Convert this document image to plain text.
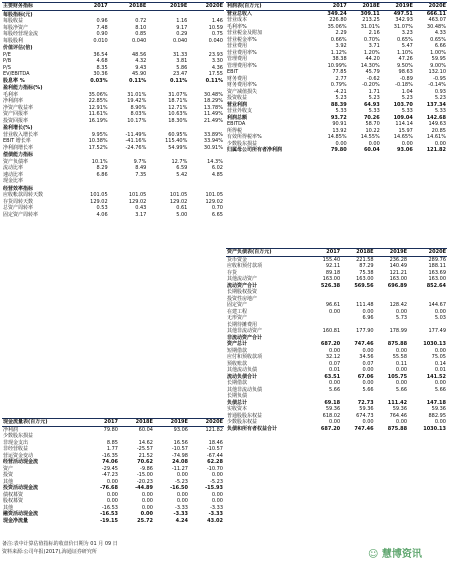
主要财务指标	2017	2018E	2019E	2020E
每股指标(元)				
每股收益	0.96	0.72	1.16	1.46
每股净资产	7.48	8.10	9.17	10.59
每股经营现金流	0.90	0.85	0.29	0.75
每股股利	0.010	0.040	0.040	0.040
价值评估(倍)				
P/E	36.54	48.56	31.33	23.93
P/B	4.68	4.32	3.81	3.30
P/S	8.35	9.43	5.86	4.36
EV/EBITDA	30.36	45.90	23.47	17.55
股息率 %	0.03%	0.11%	0.11%	0.11%
盈利能力指标(%)				
毛利率	35.06%	31.01%	31.07%	30.48%
净利润率	22.85%	19.42%	18.71%	18.29%
净资产收益率	12.91%	8.90%	12.71%	13.78%
资产回报率	11.61%	8.03%	10.63%	11.49%
投资回报率	16.19%	10.17%	18.30%	21.49%
盈利增长(%)				
营业收入增长率	9.95%	-11.49%	60.95%	33.89%
EBIT 增长率	10.38%	-41.16%	115.40%	33.94%
净利润增长率	17.52%	-24.76%	54.99%	30.91%
偿债能力指标				
资产负债率	10.1%	9.7%	12.7%	14.3%
流动比率	8.29	8.49	6.59	6.02
速动比率	6.86	7.35	5.42	4.85
现金比率				
经营效率指标				
应收帐款周转天数	101.05	101.05	101.05	101.05
存货周转天数	129.02	129.02	129.02	129.02
总资产周转率	0.53	0.43	0.61	0.70
固定资产周转率	4.06	3.17	5.00	6.65
利润表(百万元)	2017	2018E	2019E	2020E
营业总收入	349.24	309.11	497.51	666.11
营业成本	226.80	213.25	342.93	463.07
毛利率%	35.06%	31.01%	31.07%	30.48%
营业税金及附加	2.29	2.16	3.23	4.33
营业税金率%	0.66%	0.70%	0.65%	0.65%
营业费用	3.92	3.71	5.47	6.66
营业费用率%	1.12%	1.20%	1.10%	1.00%
管理费用	38.38	44.20	47.26	59.95
管理费用率%	10.99%	14.30%	9.50%	9.00%
EBIT	77.85	45.79	98.63	132.10
财务费用	2.77	-0.62	-0.89	-0.95
财务费用率%	0.79%	-0.20%	-0.18%	-0.14%
资产减值损失	-4.21	1.71	1.04	0.93
投资收益	5.23	5.23	5.23	5.23
营业利润	88.39	64.93	103.70	137.34
营业外收支	5.33	5.33	5.33	5.33
利润总额	93.72	70.26	109.04	142.68
EBITDA	90.91	58.70	114.14	149.63
所得税	13.92	10.22	15.97	20.85
有效所得税率%	14.85%	14.55%	14.65%	14.61%
少数股东损益	0.00	0.00	0.00	0.00
归属母公司所有者净利润	79.80	60.04	93.06	121.82
资产负债表(百万元)	2017	2018E	2019E	2020E
货币资金	155.40	221.58	236.28	289.76
应收和预付款项	92.11	87.29	140.49	188.11
存货	89.18	75.38	121.21	163.69
其他流动资产	163.00	163.00	163.00	163.00
流动资产合计	526.38	569.56	696.89	852.64
长期股权投资				
投资性房地产				
固定资产	96.61	111.48	128.42	144.67
在建工程	0.00	0.00	0.00	0.00
无形资产		6.96	5.73	5.03
长期待摊费用				
其他非流动资产	160.81	177.90	178.99	177.49
非流动资产合计				
资产总计	687.20	747.46	875.88	1030.13
短期借款	0.00	0.00	0.00	0.00
应付和预收款项	32.12	34.56	55.58	75.05
预收账款	0.07	0.07	0.11	0.14
其他流动负债	0.01	0.00	0.00	0.01
流动负债合计	63.51	67.06	105.75	141.52
长期借款	0.00	0.00	0.00	0.00
其他非流动负债	5.66	5.66	5.66	5.66
长期负债				
负债总计	69.18	72.73	111.42	147.18
实收资本	59.36	59.36	59.36	59.36
普通股股东权益	618.02	674.73	764.46	882.95
少数股东权益	0.00	0.00	0.00	0.00
负债和所有者权益合计	687.20	747.46	875.88	1030.13
现金流量表(百万元)	2017	2018E	2019E	2020E
净利润	79.80	60.04	93.06	121.82
少数股东损益				
非现金支出	8.85	14.62	16.56	18.46
非经营收益	1.77	-25.57	-10.57	-10.57
营运资金变动	-16.35	21.52	-74.98	-67.44
经营活动现金流	74.06	70.62	24.08	62.28
资产	-29.45	-9.86	-11.27	-10.70
投资	-47.23	-15.00	0.00	0.00
其他	0.00	-20.23	-5.23	-5.23
投资活动现金流	-76.68	-44.89	-16.50	-15.93
债权募资	0.00	0.00	0.00	0.00
股权募资	0.00	0.00	0.00	0.00
其他	-16.53	0.00	-3.33	-3.33
融资活动现金流	-16.53	0.00	-3.33	-3.33
现金净流量	-19.15	25.72	4.24	43.02
备注:表中计算估值指标的收盘价日期为 01 月 09 日
资料来源:公司年报(2017),海通证券研究所	☺ 慧博资讯
